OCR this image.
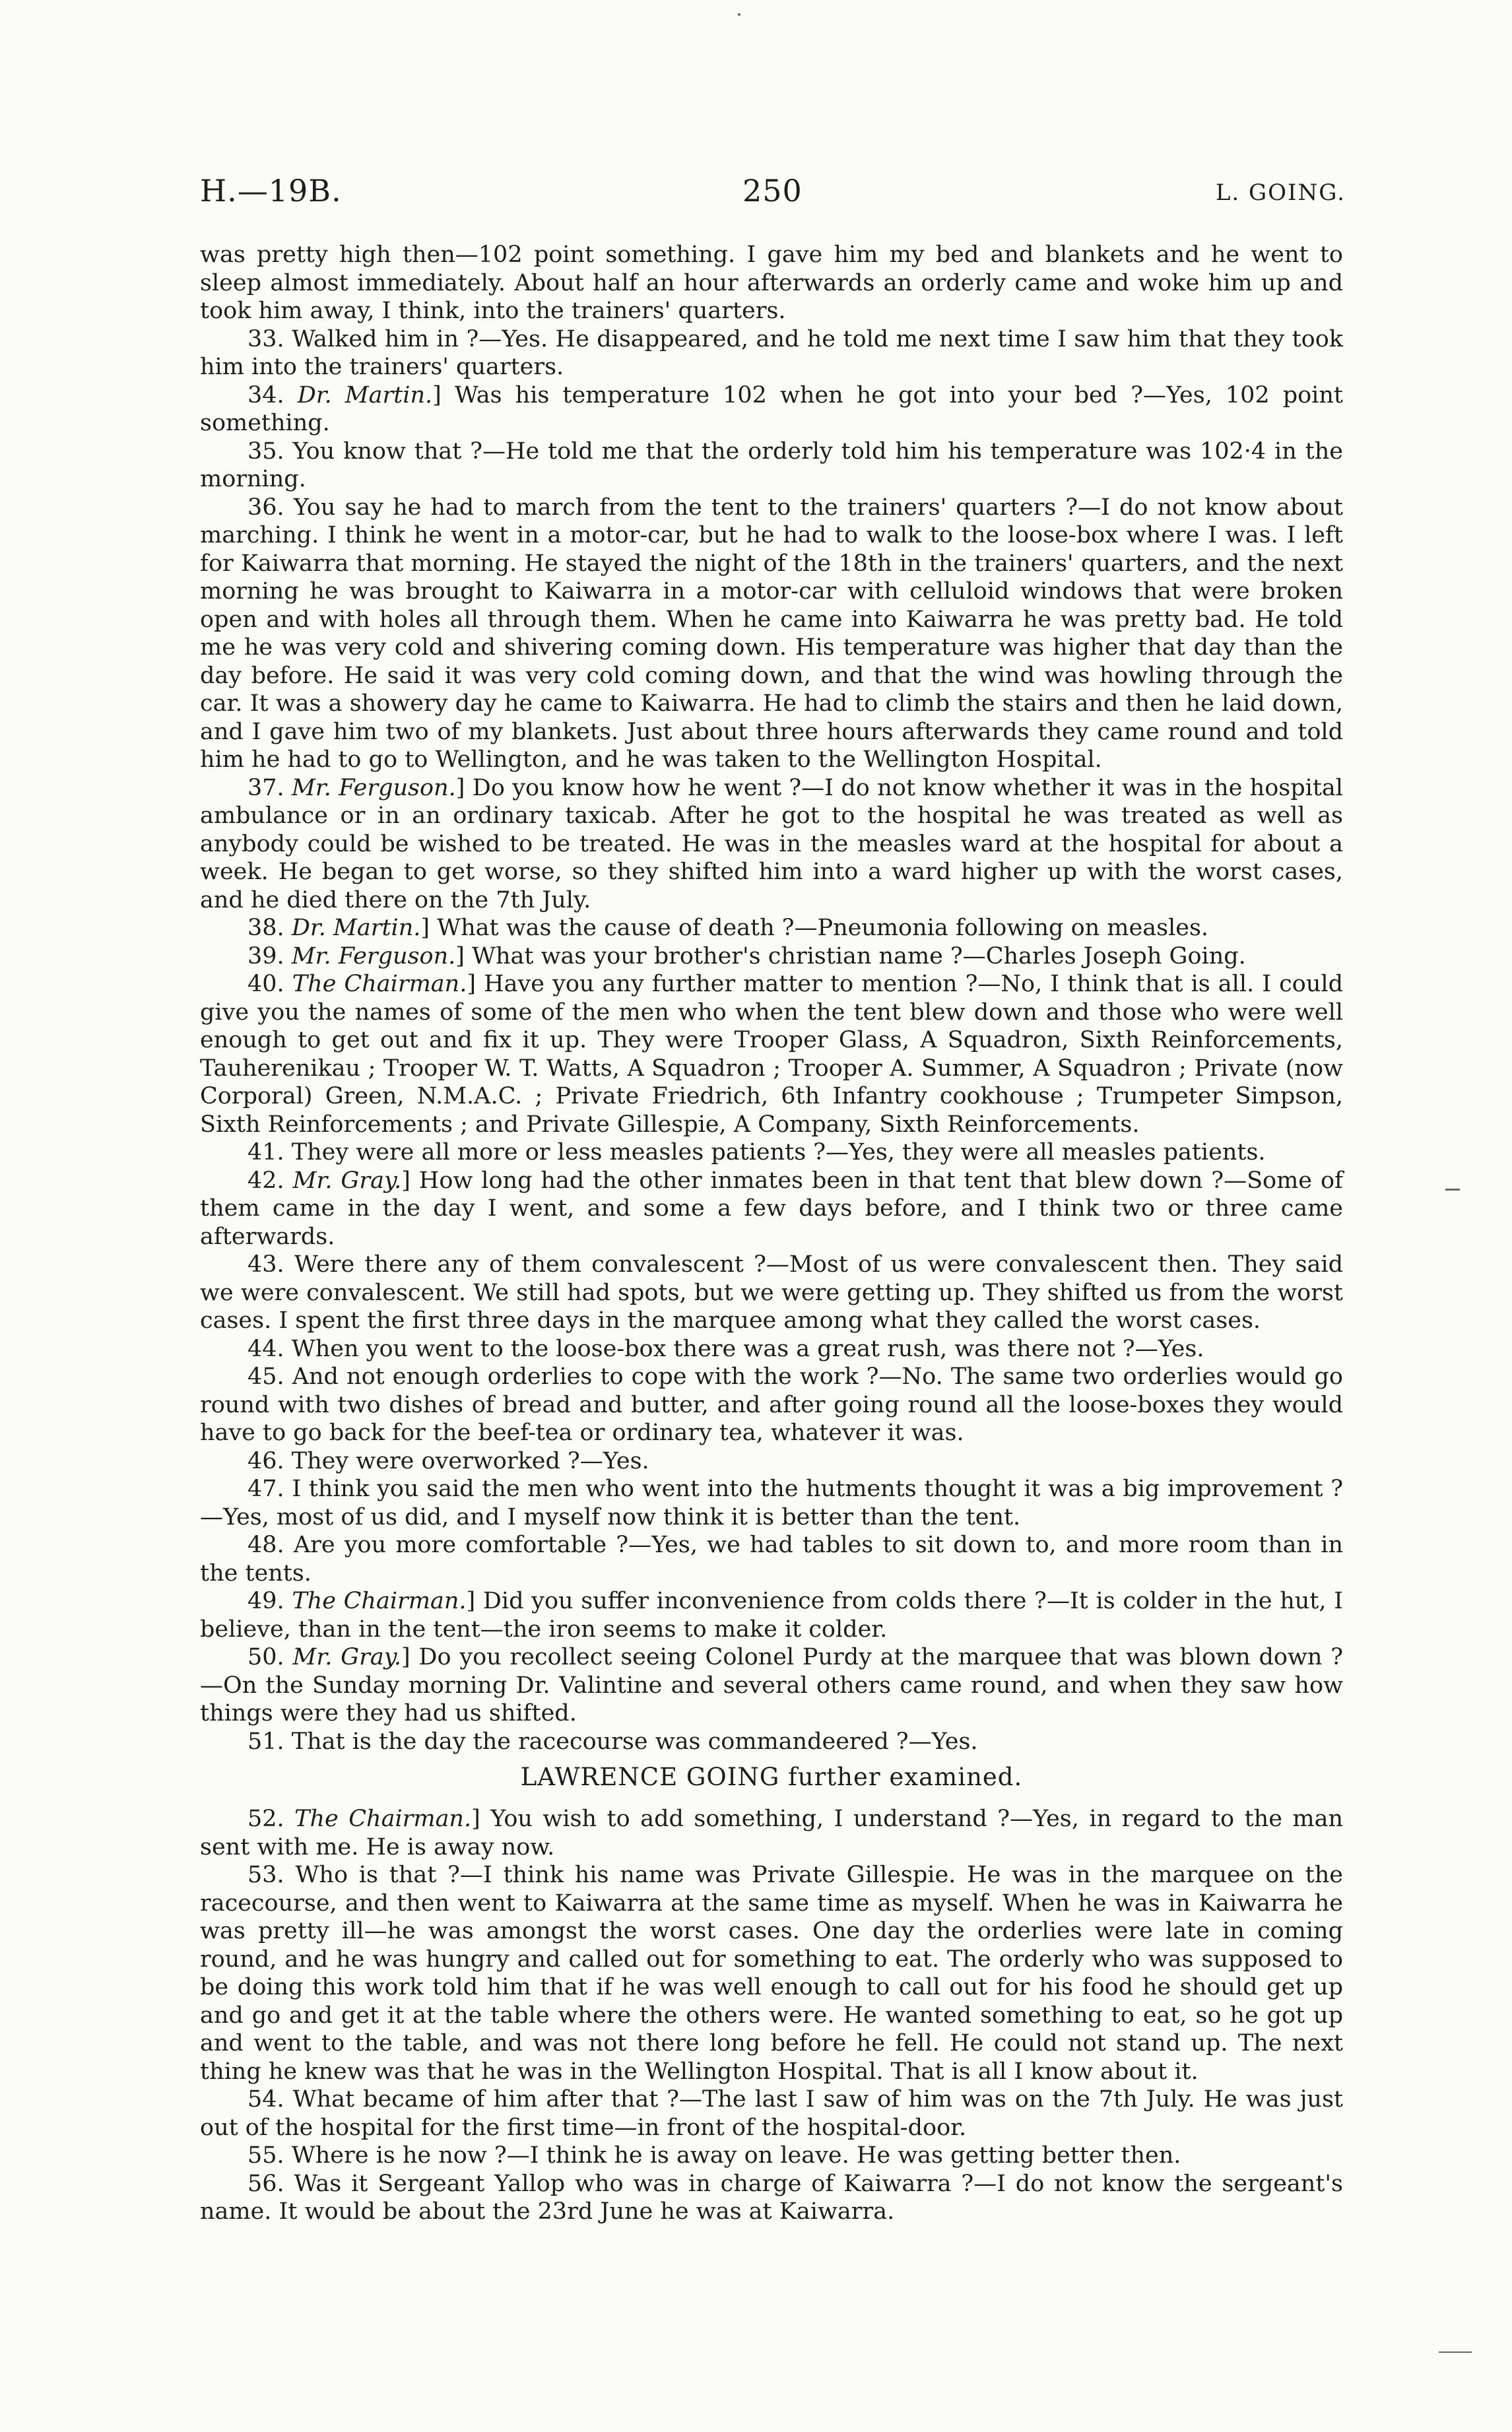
H.—19B.	250	L. GOING.

was pretty high then—102 point something. I gave him my bed and blankets and he went to sleep almost immediately. About half an hour afterwards an orderly came and woke him up and took him away, I think, into the trainers' quarters.

33. Walked him in ?—Yes. He disappeared, and he told me next time I saw him that they took him into the trainers' quarters.

34. Dr. Martin.] Was his temperature 102 when he got into your bed ?—Yes, 102 point something.

35. You know that ?—He told me that the orderly told him his temperature was 102·4 in the morning.

36. You say he had to march from the tent to the trainers' quarters ?—I do not know about marching. I think he went in a motor-car, but he had to walk to the loose-box where I was. I left for Kaiwarra that morning. He stayed the night of the 18th in the trainers' quarters, and the next morning he was brought to Kaiwarra in a motor-car with celluloid windows that were broken open and with holes all through them. When he came into Kaiwarra he was pretty bad. He told me he was very cold and shivering coming down. His temperature was higher that day than the day before. He said it was very cold coming down, and that the wind was howling through the car. It was a showery day he came to Kaiwarra. He had to climb the stairs and then he laid down, and I gave him two of my blankets. Just about three hours afterwards they came round and told him he had to go to Wellington, and he was taken to the Wellington Hospital.

37. Mr. Ferguson.] Do you know how he went ?—I do not know whether it was in the hospital ambulance or in an ordinary taxicab. After he got to the hospital he was treated as well as anybody could be wished to be treated. He was in the measles ward at the hospital for about a week. He began to get worse, so they shifted him into a ward higher up with the worst cases, and he died there on the 7th July.

38. Dr. Martin.] What was the cause of death ?—Pneumonia following on measles.

39. Mr. Ferguson.] What was your brother's christian name ?—Charles Joseph Going.

40. The Chairman.] Have you any further matter to mention ?—No, I think that is all. I could give you the names of some of the men who when the tent blew down and those who were well enough to get out and fix it up. They were Trooper Glass, A Squadron, Sixth Reinforcements, Tauherenikau ; Trooper W. T. Watts, A Squadron ; Trooper A. Summer, A Squadron ; Private (now Corporal) Green, N.M.A.C. ; Private Friedrich, 6th Infantry cookhouse ; Trumpeter Simpson, Sixth Reinforcements ; and Private Gillespie, A Company, Sixth Reinforcements.

41. They were all more or less measles patients ?—Yes, they were all measles patients.

42. Mr. Gray.] How long had the other inmates been in that tent that blew down ?—Some of them came in the day I went, and some a few days before, and I think two or three came afterwards.

43. Were there any of them convalescent ?—Most of us were convalescent then. They said we were convalescent. We still had spots, but we were getting up. They shifted us from the worst cases. I spent the first three days in the marquee among what they called the worst cases.

44. When you went to the loose-box there was a great rush, was there not ?—Yes.

45. And not enough orderlies to cope with the work ?—No. The same two orderlies would go round with two dishes of bread and butter, and after going round all the loose-boxes they would have to go back for the beef-tea or ordinary tea, whatever it was.

46. They were overworked ?—Yes.

47. I think you said the men who went into the hutments thought it was a big improvement ?—Yes, most of us did, and I myself now think it is better than the tent.

48. Are you more comfortable ?—Yes, we had tables to sit down to, and more room than in the tents.

49. The Chairman.] Did you suffer inconvenience from colds there ?—It is colder in the hut, I believe, than in the tent—the iron seems to make it colder.

50. Mr. Gray.] Do you recollect seeing Colonel Purdy at the marquee that was blown down ?—On the Sunday morning Dr. Valintine and several others came round, and when they saw how things were they had us shifted.

51. That is the day the racecourse was commandeered ?—Yes.

LAWRENCE GOING further examined.

52. The Chairman.] You wish to add something, I understand ?—Yes, in regard to the man sent with me. He is away now.

53. Who is that ?—I think his name was Private Gillespie. He was in the marquee on the racecourse, and then went to Kaiwarra at the same time as myself. When he was in Kaiwarra he was pretty ill—he was amongst the worst cases. One day the orderlies were late in coming round, and he was hungry and called out for something to eat. The orderly who was supposed to be doing this work told him that if he was well enough to call out for his food he should get up and go and get it at the table where the others were. He wanted something to eat, so he got up and went to the table, and was not there long before he fell. He could not stand up. The next thing he knew was that he was in the Wellington Hospital. That is all I know about it.

54. What became of him after that ?—The last I saw of him was on the 7th July. He was just out of the hospital for the first time—in front of the hospital-door.

55. Where is he now ?—I think he is away on leave. He was getting better then.

56. Was it Sergeant Yallop who was in charge of Kaiwarra ?—I do not know the sergeant's name. It would be about the 23rd June he was at Kaiwarra.
